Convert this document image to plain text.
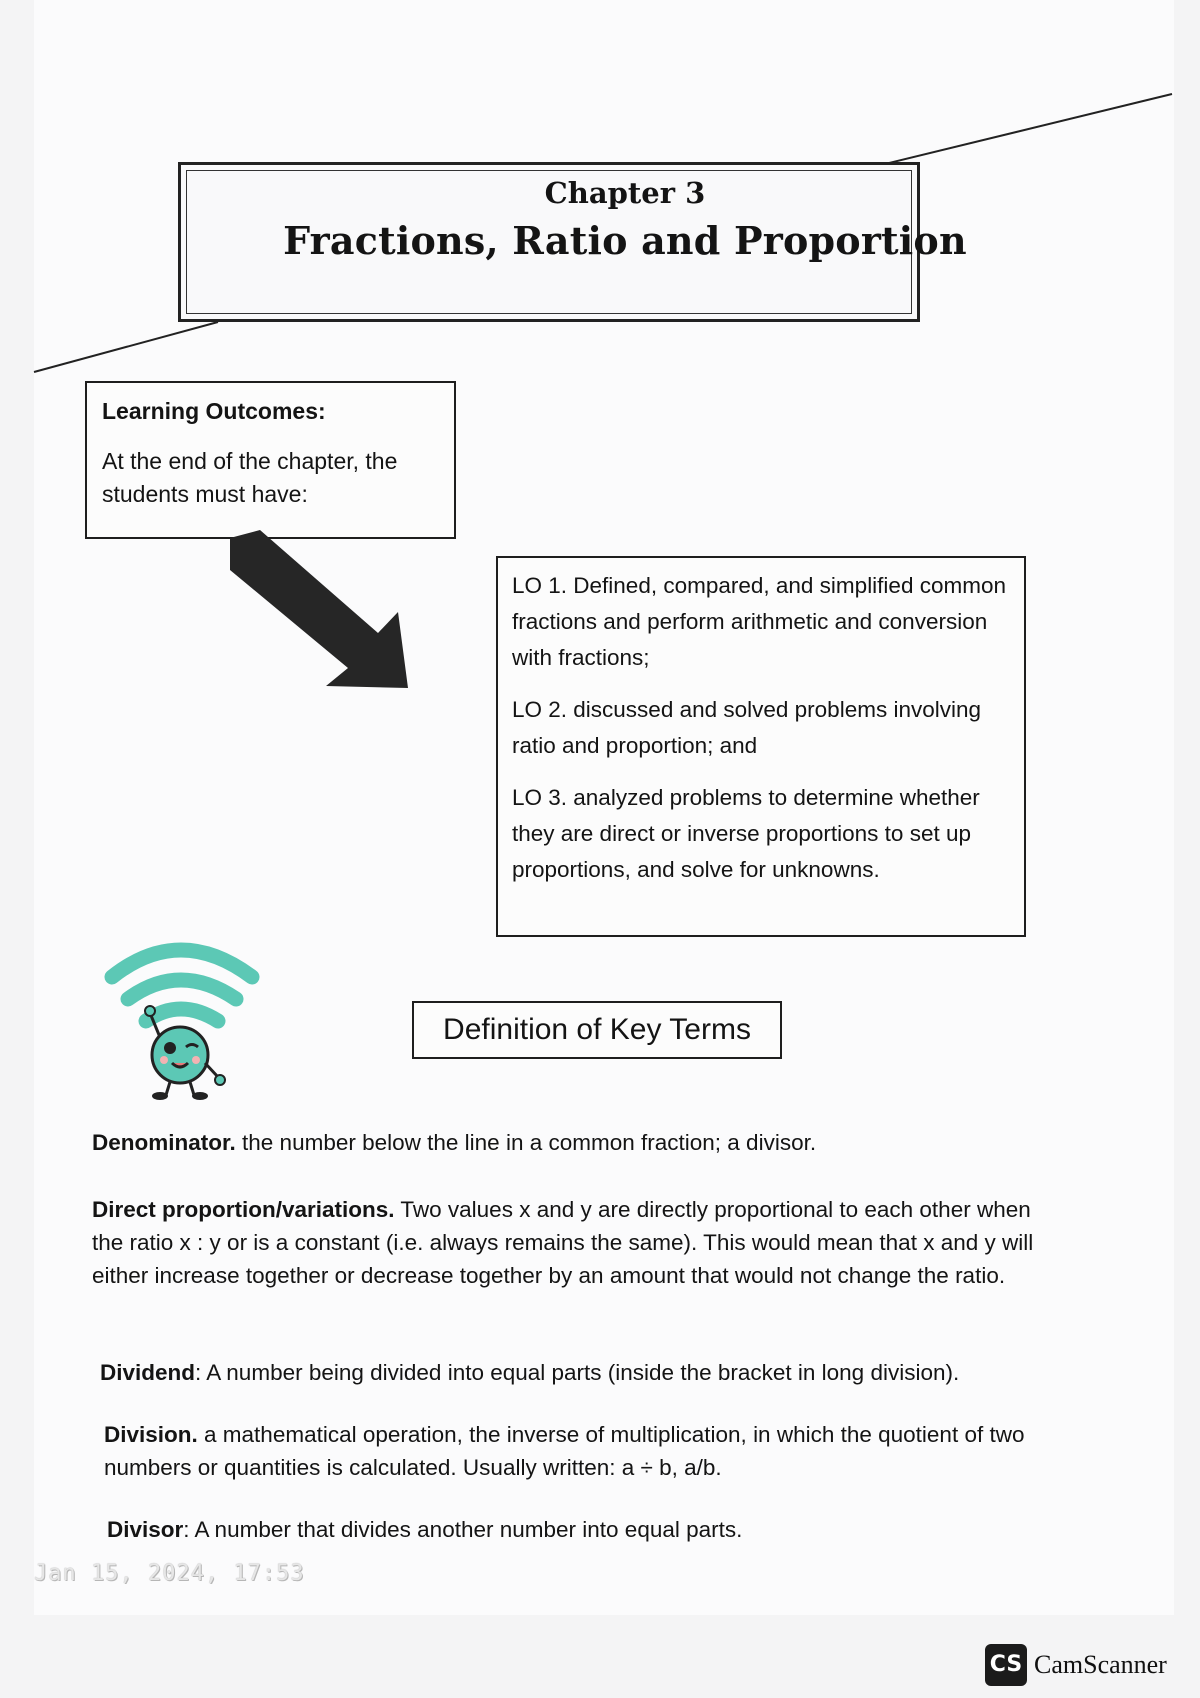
Chapter 3
Fractions, Ratio and Proportion
Learning Outcomes:
At the end of the chapter, the students must have:
LO 1. Defined, compared, and simplified common fractions and perform arithmetic and conversion with fractions;
LO 2. discussed and solved problems involving ratio and proportion; and
LO 3. analyzed problems to determine whether they are direct or inverse proportions to set up proportions, and solve for unknowns.
Definition of Key Terms
Denominator. the number below the line in a common fraction; a divisor.
Direct proportion/variations. Two values x and y are directly proportional to each other when the ratio x : y or is a constant (i.e. always remains the same). This would mean that x and y will either increase together or decrease together by an amount that would not change the ratio.
Dividend: A number being divided into equal parts (inside the bracket in long division).
Division. a mathematical operation, the inverse of multiplication, in which the quotient of two numbers or quantities is calculated. Usually written: a ÷ b, a/b.
Divisor: A number that divides another number into equal parts.
Jan 15, 2024, 17:53
CS CamScanner
